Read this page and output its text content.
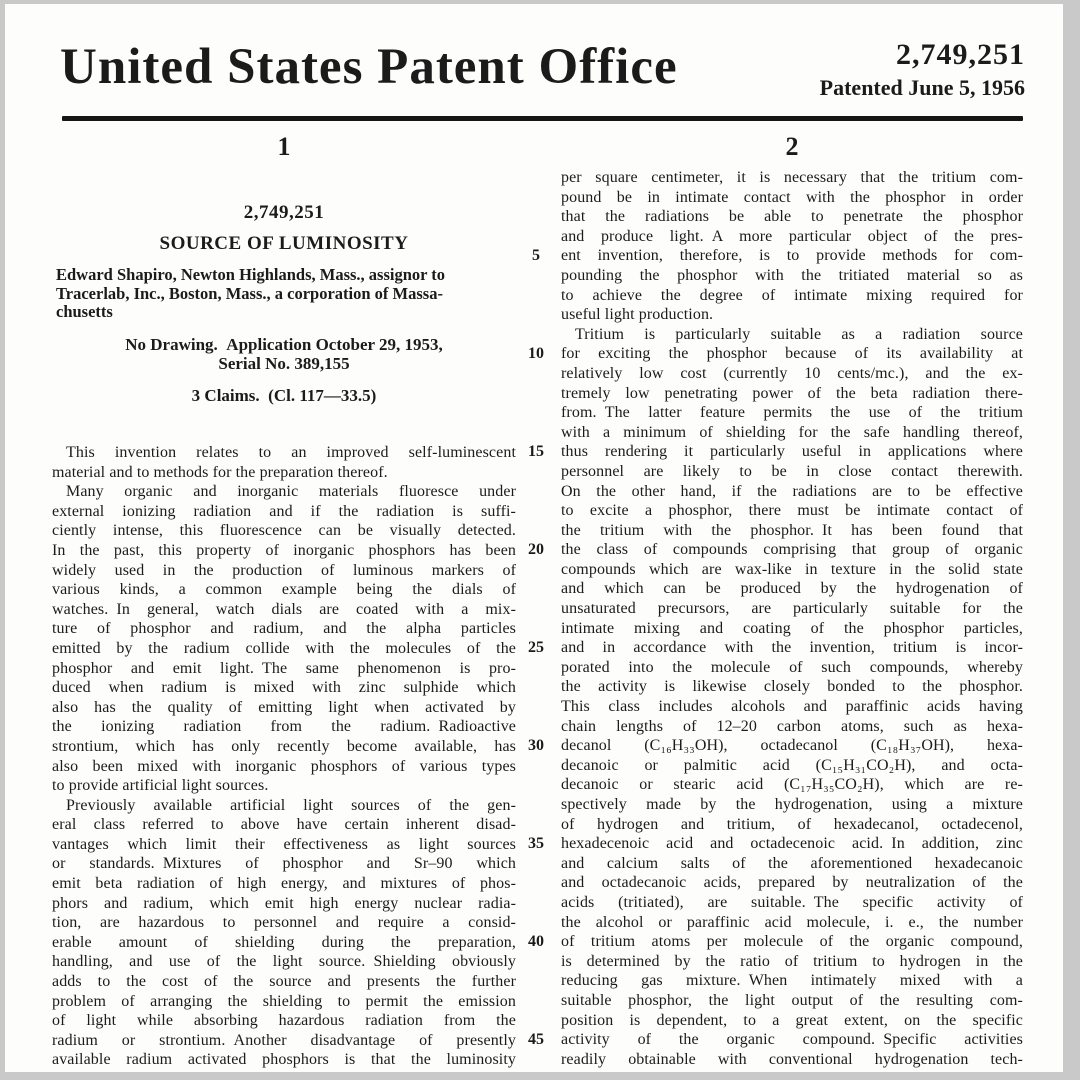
United States Patent Office	2,749,251
Patented June 5, 1956
1
2,749,251
SOURCE OF LUMINOSITY
Edward Shapiro, Newton Highlands, Mass., assignor to
Tracerlab, Inc., Boston, Mass., a corporation of Massa-
chusetts
No Drawing. Application October 29, 1953,
Serial No. 389,155
3 Claims. (Cl. 117—33.5)
This invention relates to an improved self-luminescent
material and to methods for the preparation thereof.
Many organic and inorganic materials fluoresce under
external ionizing radiation and if the radiation is suffi-
ciently intense, this fluorescence can be visually detected.
In the past, this property of inorganic phosphors has been
widely used in the production of luminous markers of
various kinds, a common example being the dials of
watches. In general, watch dials are coated with a mix-
ture of phosphor and radium, and the alpha particles
emitted by the radium collide with the molecules of the
phosphor and emit light. The same phenomenon is pro-
duced when radium is mixed with zinc sulphide which
also has the quality of emitting light when activated by
the ionizing radiation from the radium. Radioactive
strontium, which has only recently become available, has
also been mixed with inorganic phosphors of various types
to provide artificial light sources.
Previously available artificial light sources of the gen-
eral class referred to above have certain inherent disad-
vantages which limit their effectiveness as light sources
or standards. Mixtures of phosphor and Sr–90 which
emit beta radiation of high energy, and mixtures of phos-
phors and radium, which emit high energy nuclear radia-
tion, are hazardous to personnel and require a consid-
erable amount of shielding during the preparation,
handling, and use of the light source. Shielding obviously
adds to the cost of the source and presents the further
problem of arranging the shielding to permit the emission
of light while absorbing hazardous radiation from the
radium or strontium. Another disadvantage of presently
available radium activated phosphors is that the luminosity
5
10
15
20
25
30
35
40
45
2
per square centimeter, it is necessary that the tritium com-
pound be in intimate contact with the phosphor in order
that the radiations be able to penetrate the phosphor
and produce light. A more particular object of the pres-
ent invention, therefore, is to provide methods for com-
pounding the phosphor with the tritiated material so as
to achieve the degree of intimate mixing required for
useful light production.
Tritium is particularly suitable as a radiation source
for exciting the phosphor because of its availability at
relatively low cost (currently 10 cents/mc.), and the ex-
tremely low penetrating power of the beta radiation there-
from. The latter feature permits the use of the tritium
with a minimum of shielding for the safe handling thereof,
thus rendering it particularly useful in applications where
personnel are likely to be in close contact therewith.
On the other hand, if the radiations are to be effective
to excite a phosphor, there must be intimate contact of
the tritium with the phosphor. It has been found that
the class of compounds comprising that group of organic
compounds which are wax-like in texture in the solid state
and which can be produced by the hydrogenation of
unsaturated precursors, are particularly suitable for the
intimate mixing and coating of the phosphor particles,
and in accordance with the invention, tritium is incor-
porated into the molecule of such compounds, whereby
the activity is likewise closely bonded to the phosphor.
This class includes alcohols and paraffinic acids having
chain lengths of 12–20 carbon atoms, such as hexa-
decanol (C₁₆H₃₃OH), octadecanol (C₁₈H₃₇OH), hexa-
decanoic or palmitic acid (C₁₅H₃₁CO₂H), and octa-
decanoic or stearic acid (C₁₇H₃₅CO₂H), which are re-
spectively made by the hydrogenation, using a mixture
of hydrogen and tritium, of hexadecanol, octadecenol,
hexadecenoic acid and octadecenoic acid. In addition, zinc
and calcium salts of the aforementioned hexadecanoic
and octadecanoic acids, prepared by neutralization of the
acids (tritiated), are suitable. The specific activity of
the alcohol or paraffinic acid molecule, i. e., the number
of tritium atoms per molecule of the organic compound,
is determined by the ratio of tritium to hydrogen in the
reducing gas mixture. When intimately mixed with a
suitable phosphor, the light output of the resulting com-
position is dependent, to a great extent, on the specific
activity of the organic compound. Specific activities
readily obtainable with conventional hydrogenation tech-
